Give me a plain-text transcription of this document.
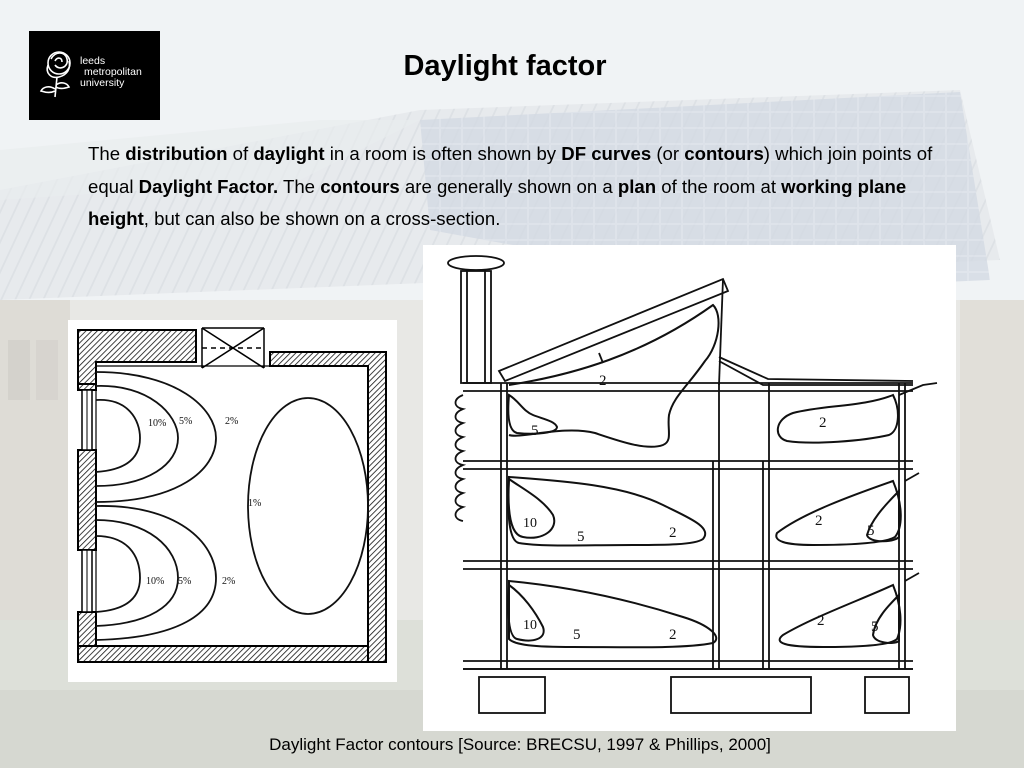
leeds
metropolitan
university
Daylight factor

The distribution of daylight in a room is often shown by DF curves (or contours) which join points of equal Daylight Factor. The contours are generally shown on a plan of the room at working plane height, but can also be shown on a cross-section.

10% 5%	2%
1%
10% 5%	2%
2
5	2
10
5	2
2
5
10
5	2
2	5

Daylight Factor contours [Source: BRECSU, 1997 & Phillips, 2000]
